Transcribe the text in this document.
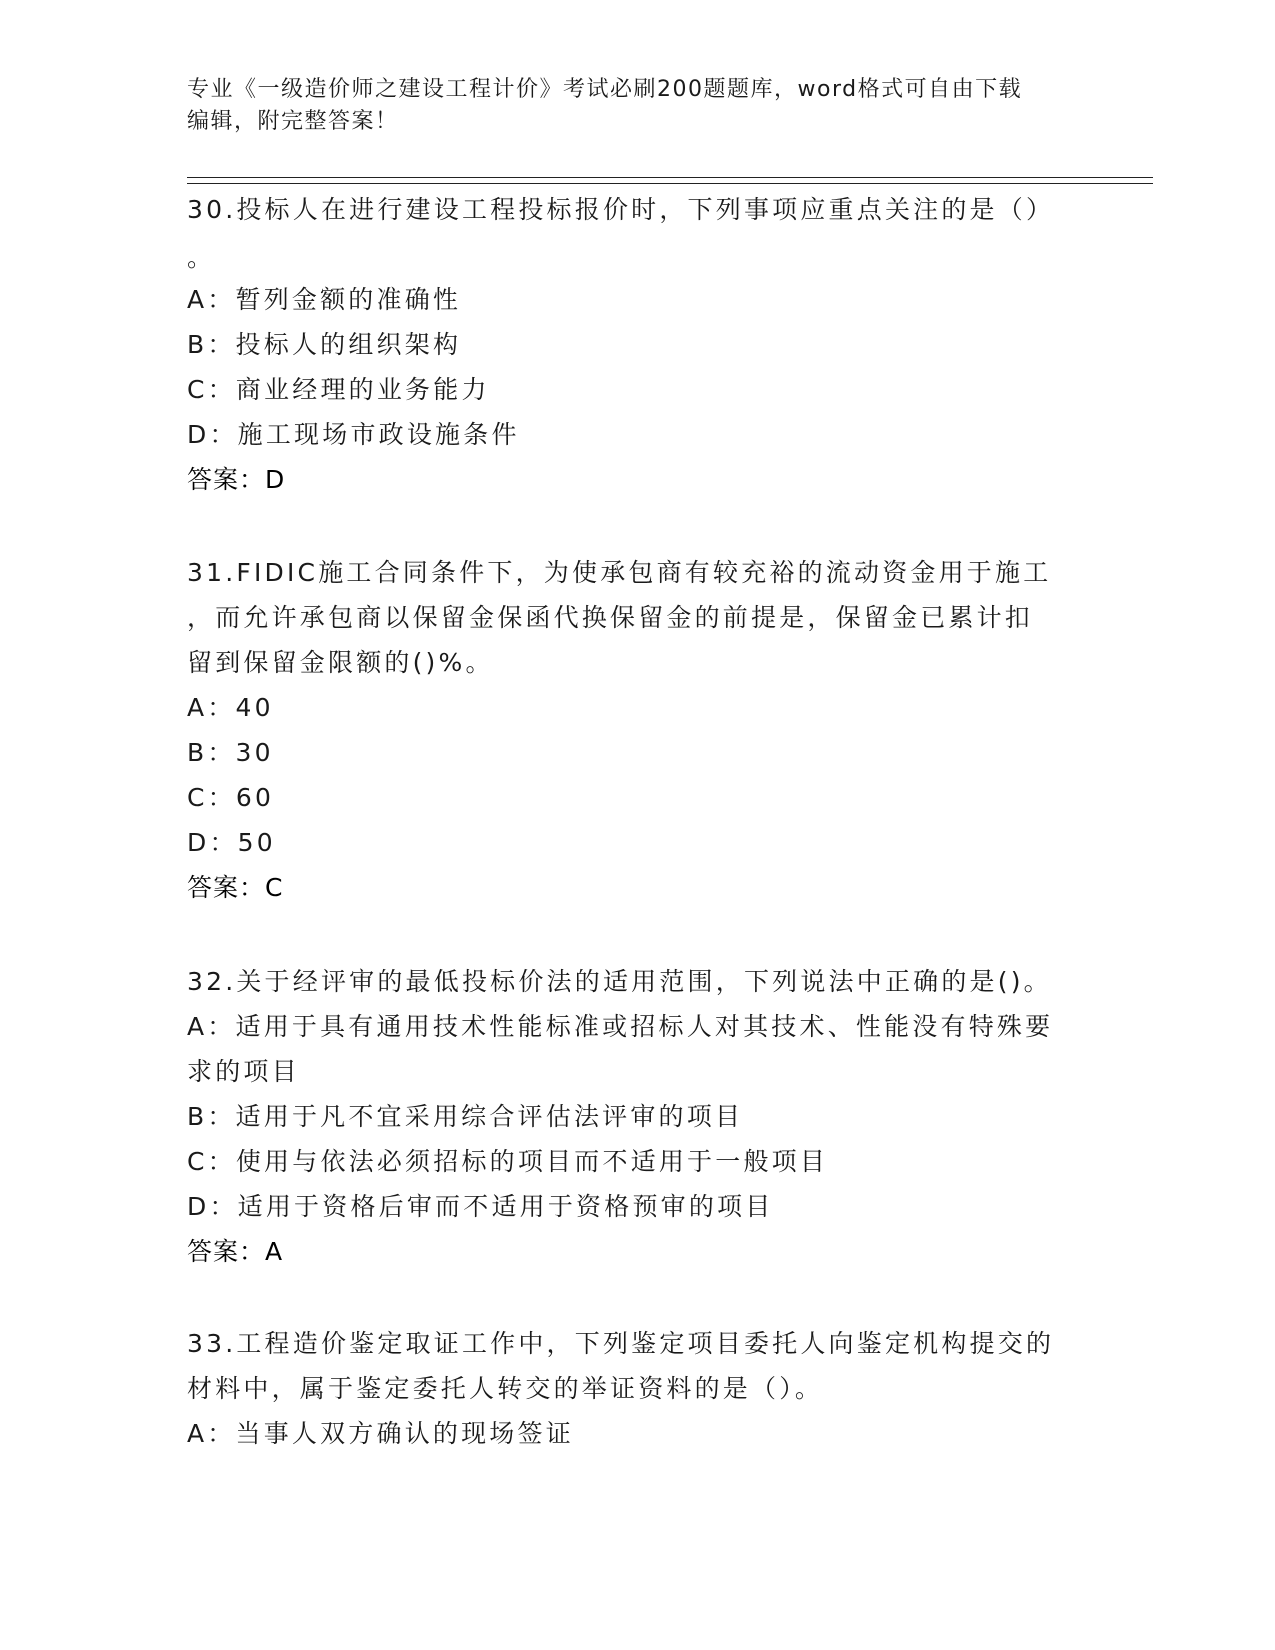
专业《一级造价师之建设工程计价》考试必刷200题题库，word格式可自由下载
编辑，附完整答案！
30.投标人在进行建设工程投标报价时，下列事项应重点关注的是（）
。
A：暂列金额的准确性
B：投标人的组织架构
C：商业经理的业务能力
D：施工现场市政设施条件
答案：D
31.FIDIC施工合同条件下，为使承包商有较充裕的流动资金用于施工
，而允许承包商以保留金保函代换保留金的前提是，保留金已累计扣
留到保留金限额的()%。
A：40
B：30
C：60
D：50
答案：C
32.关于经评审的最低投标价法的适用范围，下列说法中正确的是()。
A：适用于具有通用技术性能标准或招标人对其技术、性能没有特殊要
求的项目
B：适用于凡不宜采用综合评估法评审的项目
C：使用与依法必须招标的项目而不适用于一般项目
D：适用于资格后审而不适用于资格预审的项目
答案：A
33.工程造价鉴定取证工作中，下列鉴定项目委托人向鉴定机构提交的
材料中，属于鉴定委托人转交的举证资料的是（）。
A：当事人双方确认的现场签证
